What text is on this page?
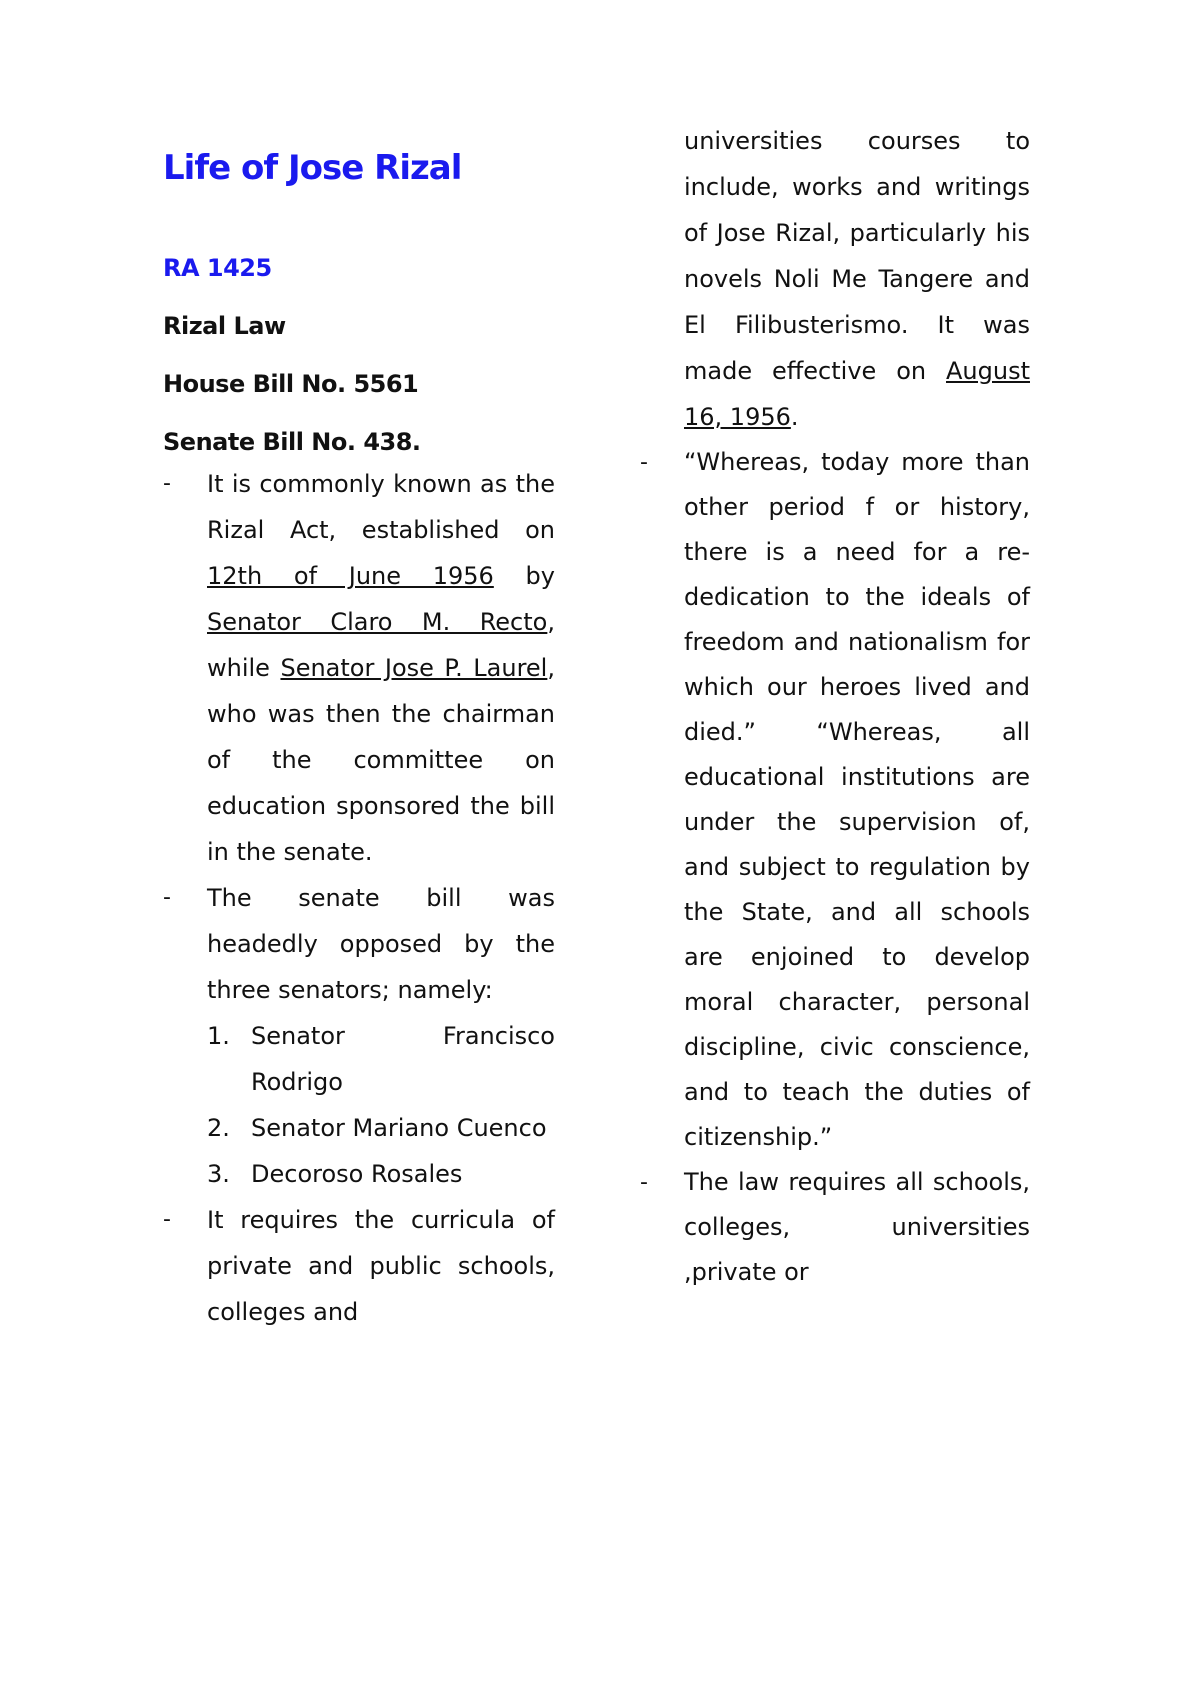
Life of Jose Rizal
RA 1425
Rizal Law
House Bill No. 5561
Senate Bill No. 438.

- It is commonly known as the Rizal Act, established on 12th of June 1956 by Senator Claro M. Recto, while Senator Jose P. Laurel, who was then the chairman of the committee on education sponsored the bill in the senate.

- The senate bill was headedly opposed by the three senators; namely:

1. Senator Francisco Rodrigo
2. Senator Mariano Cuenco
3. Decoroso Rosales

- It requires the curricula of private and public schools, colleges and

universities courses to include, works and writings of Jose Rizal, particularly his novels Noli Me Tangere and El Filibusterismo. It was made effective on August 16, 1956.

- “Whereas, today more than other period f or history, there is a need for a re-dedication to the ideals of freedom and nationalism for which our heroes lived and died.” “Whereas, all educational institutions are under the supervision of, and subject to regulation by the State, and all schools are enjoined to develop moral character, personal discipline, civic conscience, and to teach the duties of citizenship.”

- The law requires all schools, colleges, universities ,private or
